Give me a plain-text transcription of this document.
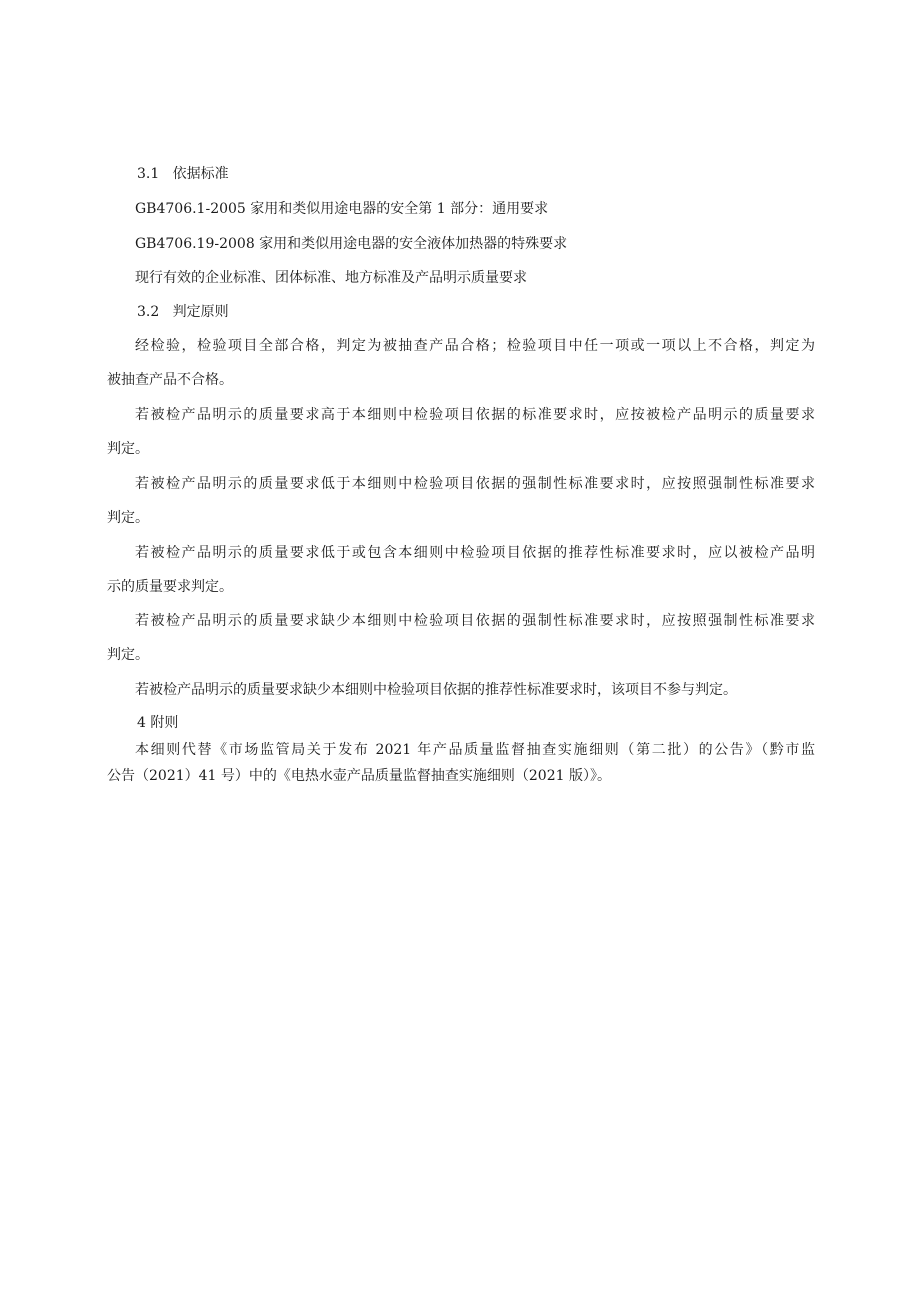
3.1 依据标准
GB4706.1-2005 家用和类似用途电器的安全第 1 部分：通用要求
GB4706.19-2008 家用和类似用途电器的安全液体加热器的特殊要求
现行有效的企业标准、团体标准、地方标准及产品明示质量要求
3.2 判定原则
经检验，检验项目全部合格，判定为被抽查产品合格；检验项目中任一项或一项以上不合格，判定为
被抽查产品不合格。
若被检产品明示的质量要求高于本细则中检验项目依据的标准要求时，应按被检产品明示的质量要求
判定。
若被检产品明示的质量要求低于本细则中检验项目依据的强制性标准要求时，应按照强制性标准要求
判定。
若被检产品明示的质量要求低于或包含本细则中检验项目依据的推荐性标准要求时，应以被检产品明
示的质量要求判定。
若被检产品明示的质量要求缺少本细则中检验项目依据的强制性标准要求时，应按照强制性标准要求
判定。
若被检产品明示的质量要求缺少本细则中检验项目依据的推荐性标准要求时，该项目不参与判定。
4 附则
本细则代替《市场监管局关于发布 2021 年产品质量监督抽查实施细则（第二批）的公告》（黔市监
公告（2021）41 号）中的《电热水壶产品质量监督抽查实施细则（2021 版）》。
